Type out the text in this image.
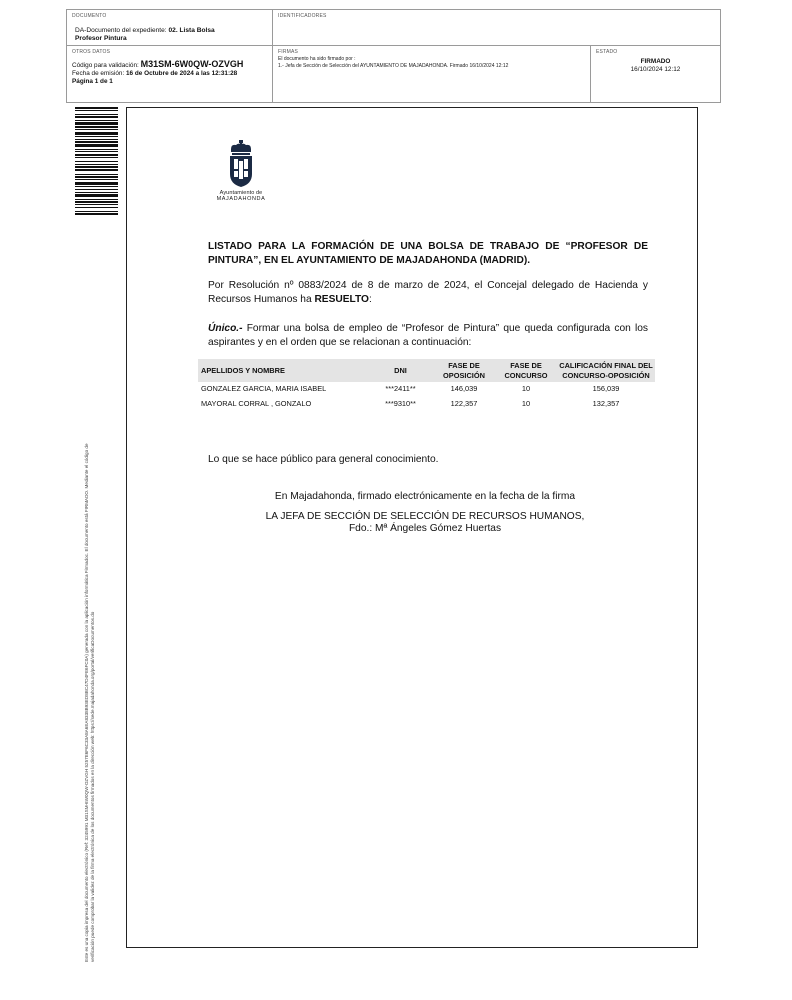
DOCUMENTO
DA-Documento del expediente: 02. Lista Bolsa
Profesor Pintura
IDENTIFICADORES
OTROS DATOS
Código para validación: M31SM-6W0QW-OZVGH
Fecha de emisión: 16 de Octubre de 2024 a las 12:31:28
Página 1 de 1
FIRMAS
El documento ha sido firmado por :
1.- Jefa de Sección de Selección del AYUNTAMIENTO DE MAJADAHONDA. Firmado 16/10/2024 12:12
ESTADO
FIRMADO
16/10/2024 12:12
Este es una copia impresa del documento electrónico (Ref: 3245991 M31SM-6W0QW-OZVGH 5257E6F6C33A8A6EA8338B93ED8BC47D4FE6FC0A) generada con la aplicación informática Firmadoc. El documento está FIRMADO. Mediante el código de verificación puede comprobar la validez de la firma electrónica de los documentos firmados en la dirección web: https://sede.majadahonda.org/portal/verificaDocumentos.do
Ayuntamiento de
MAJADAHONDA
LISTADO PARA LA FORMACIÓN DE UNA BOLSA DE TRABAJO DE “PROFESOR DE PINTURA”, EN EL AYUNTAMIENTO DE MAJADAHONDA (MADRID).
Por Resolución nº 0883/2024 de 8 de marzo de 2024, el Concejal delegado de Hacienda y Recursos Humanos ha RESUELTO:
Único.- Formar una bolsa de empleo de “Profesor de Pintura” que queda configurada con los aspirantes y en el orden que se relacionan a continuación:
APELLIDOS Y NOMBRE	DNI	FASE DE OPOSICIÓN	FASE DE CONCURSO	CALIFICACIÓN FINAL DEL CONCURSO-OPOSICIÓN
GONZALEZ GARCIA, MARIA ISABEL	***2411**	146,039	10	156,039
MAYORAL CORRAL , GONZALO	***9310**	122,357	10	132,357
Lo que se hace público para general conocimiento.
En Majadahonda, firmado electrónicamente en la fecha de la firma
LA JEFA DE SECCIÓN DE SELECCIÓN DE RECURSOS HUMANOS,
Fdo.: Mª Ángeles Gómez Huertas
